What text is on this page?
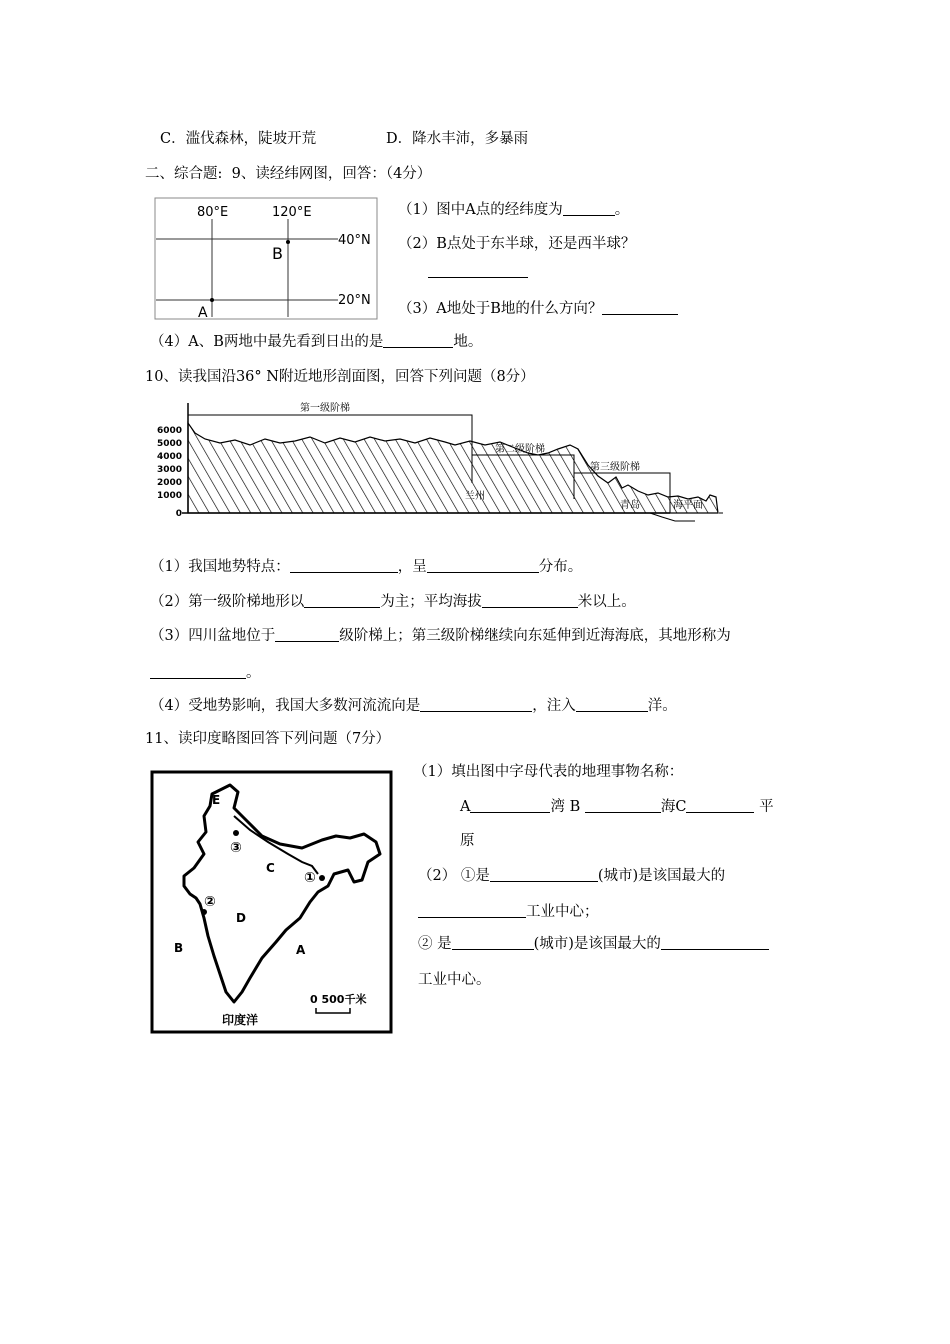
C．滥伐森林，陡坡开荒	D．降水丰沛，多暴雨
二、综合题: 9、读经纬网图，回答：（4分）
80°E	120°E
40°N
20°N
B
A
（1）图中A点的经纬度为	。
（2）B点处于东半球，还是西半球？
（3）A地处于B地的什么方向？
（4）A、B两地中最先看到日出的是	地。
10、读我国沿36° N附近地形剖面图，回答下列问题（8分）
6000
5000
4000
3000
2000
1000
0
第一级阶梯
第二级阶梯
第三级阶梯
兰州
青岛	海平面
（1）我国地势特点：	，呈	分布。
（2）第一级阶梯地形以	为主；平均海拔	米以上。
（3）四川盆地位于	级阶梯上；第三级阶梯继续向东延伸到近海海底，其地形称为
。
（4）受地势影响，我国大多数河流流向是	，注入	洋。
11、读印度略图回答下列问题（7分）
E
③
C
①
②
D
B	A
0 500千米
印度洋
（1）填出图中字母代表的地理事物名称：
A	湾 B	海C	平
原
（2） ①是	(城市)是该国最大的
工业中心；
② 是	(城市)是该国最大的
工业中心。
